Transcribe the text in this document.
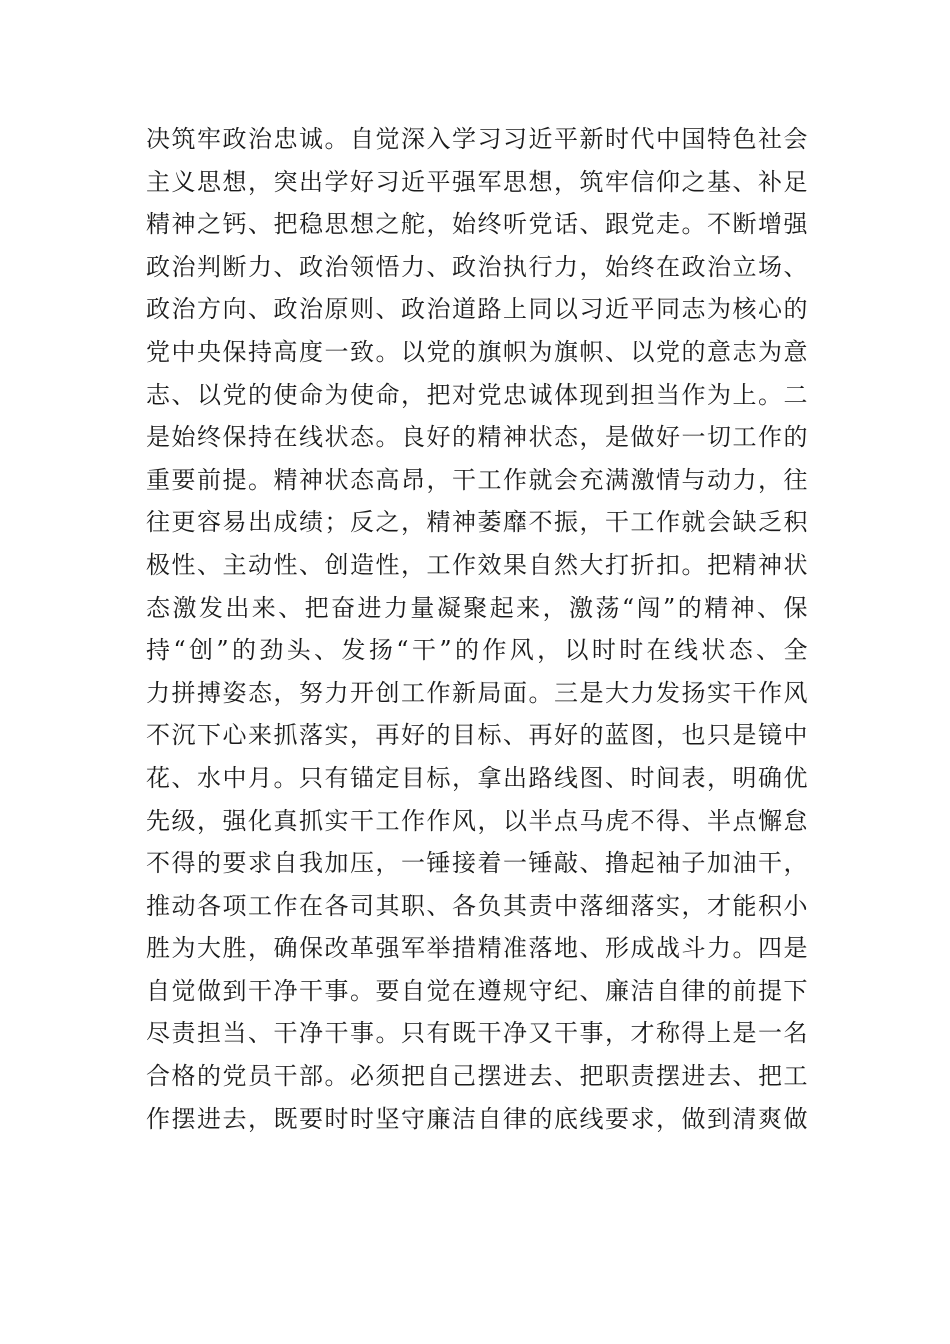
决筑牢政治忠诚。自觉深入学习习近平新时代中国特色社会
主义思想，突出学好习近平强军思想，筑牢信仰之基、补足
精神之钙、把稳思想之舵，始终听党话、跟党走。不断增强
政治判断力、政治领悟力、政治执行力，始终在政治立场、
政治方向、政治原则、政治道路上同以习近平同志为核心的
党中央保持高度一致。以党的旗帜为旗帜、以党的意志为意
志、以党的使命为使命，把对党忠诚体现到担当作为上。二
是始终保持在线状态。良好的精神状态，是做好一切工作的
重要前提。精神状态高昂，干工作就会充满激情与动力，往
往更容易出成绩；反之，精神萎靡不振，干工作就会缺乏积
极性、主动性、创造性，工作效果自然大打折扣。把精神状
态激发出来、把奋进力量凝聚起来，激荡“闯”的精神、保
持“创”的劲头、发扬“干”的作风，以时时在线状态、全
力拼搏姿态，努力开创工作新局面。三是大力发扬实干作风
不沉下心来抓落实，再好的目标、再好的蓝图，也只是镜中
花、水中月。只有锚定目标，拿出路线图、时间表，明确优
先级，强化真抓实干工作作风，以半点马虎不得、半点懈怠
不得的要求自我加压，一锤接着一锤敲、撸起袖子加油干，
推动各项工作在各司其职、各负其责中落细落实，才能积小
胜为大胜，确保改革强军举措精准落地、形成战斗力。四是
自觉做到干净干事。要自觉在遵规守纪、廉洁自律的前提下
尽责担当、干净干事。只有既干净又干事，才称得上是一名
合格的党员干部。必须把自己摆进去、把职责摆进去、把工
作摆进去，既要时时坚守廉洁自律的底线要求，做到清爽做
